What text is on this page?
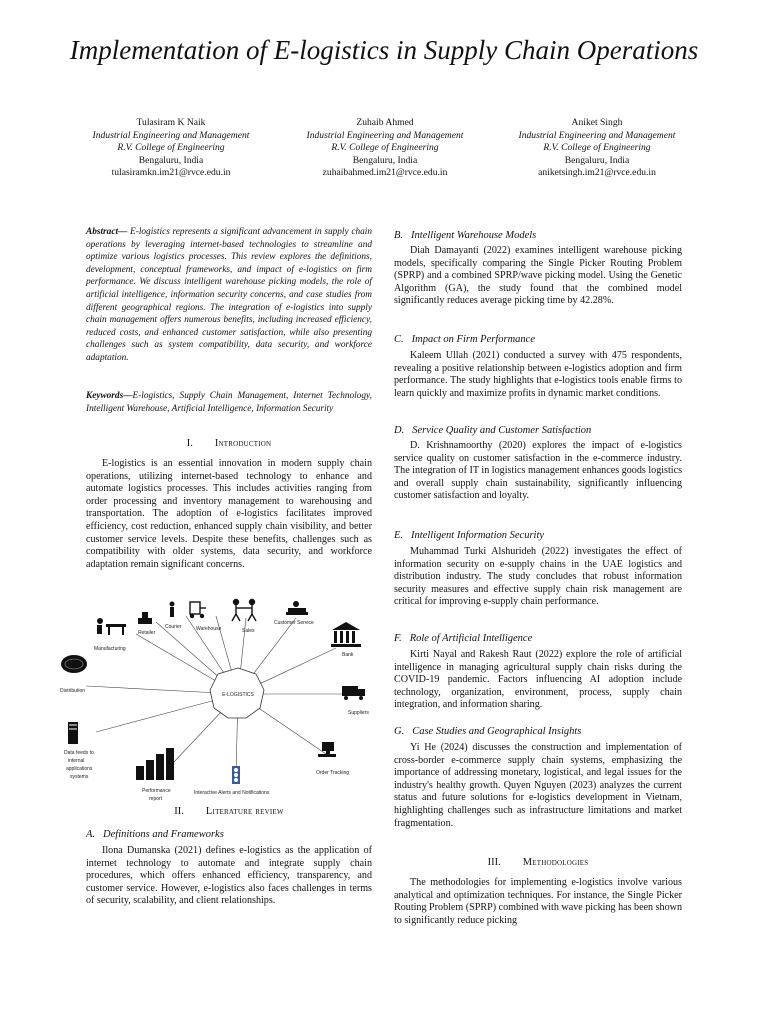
Implementation of E-logistics in Supply Chain Operations
Tulasiram K Naik
Industrial Engineering and Management
R.V. College of Engineering
Bengaluru, India
tulasiramkn.im21@rvce.edu.in
Zuhaib Ahmed
Industrial Engineering and Management
R.V. College of Engineering
Bengaluru, India
zuhaibahmed.im21@rvce.edu.in
Aniket Singh
Industrial Engineering and Management
R.V. College of Engineering
Bengaluru, India
aniketsingh.im21@rvce.edu.in
Abstract— E-logistics represents a significant advancement in supply chain operations by leveraging internet-based technologies to streamline and optimize various logistics processes. This review explores the definitions, development, conceptual frameworks, and impact of e-logistics on firm performance. We discuss intelligent warehouse picking models, the role of artificial intelligence, information security concerns, and case studies from different geographical regions. The integration of e-logistics into supply chain management offers numerous benefits, including increased efficiency, reduced costs, and enhanced customer satisfaction, while also presenting challenges such as system compatibility, data security, and workforce adaptation.
Keywords—E-logistics, Supply Chain Management, Internet Technology, Intelligent Warehouse, Artificial Intelligence, Information Security
I. Introduction
E-logistics is an essential innovation in modern supply chain operations, utilizing internet-based technology to enhance and automate logistics processes. This includes activities ranging from order processing and inventory management to warehousing and transportation. The adoption of e-logistics facilitates improved efficiency, cost reduction, enhanced supply chain visibility, and better customer service levels. Despite these benefits, challenges such as compatibility with older systems, data security, and workforce adaptation remain significant concerns.
E-LOGISTICS
Manufacturing
Retailer
Courier	Warehouse	Sales
Customer Service
Bank
Suppliers
Order Tracking
Interactive Alerts and Notifications
Performance
report
Data feeds to
internal
applications
systems
Distribution
II. Literature review
A. Definitions and Frameworks
Ilona Dumanska (2021) defines e-logistics as the application of internet technology to automate and integrate supply chain procedures, which offers enhanced efficiency, transparency, and customer service. However, e-logistics also faces challenges in terms of security, scalability, and client relationships.
B. Intelligent Warehouse Models
Diah Damayanti (2022) examines intelligent warehouse picking models, specifically comparing the Single Picker Routing Problem (SPRP) and a combined SPRP/wave picking model. Using the Genetic Algorithm (GA), the study found that the combined model significantly reduces average picking time by 42.28%.
C. Impact on Firm Performance
Kaleem Ullah (2021) conducted a survey with 475 respondents, revealing a positive relationship between e-logistics adoption and firm performance. The study highlights that e-logistics tools enable firms to learn quickly and maximize profits in dynamic market conditions.
D. Service Quality and Customer Satisfaction
D. Krishnamoorthy (2020) explores the impact of e-logistics service quality on customer satisfaction in the e-commerce industry. The integration of IT in logistics management enhances goods logistics and overall supply chain sustainability, significantly influencing customer satisfaction and loyalty.
E. Intelligent Information Security
Muhammad Turki Alshurideh (2022) investigates the effect of information security on e-supply chains in the UAE logistics and distribution industry. The study concludes that robust information security measures and effective supply chain risk management are critical for improving e-supply chain performance.
F. Role of Artificial Intelligence
Kirti Nayal and Rakesh Raut (2022) explore the role of artificial intelligence in managing agricultural supply chain risks during the COVID-19 pandemic. Factors influencing AI adoption include technology, organization, environment, process, supply chain integration, and information sharing.
G. Case Studies and Geographical Insights
Yi He (2024) discusses the construction and implementation of cross-border e-commerce supply chain systems, emphasizing the importance of addressing monetary, logistical, and legal issues for the industry's healthy growth. Quyen Nguyen (2023) analyzes the current status and future solutions for e-logistics development in Vietnam, highlighting challenges such as infrastructure limitations and market fragmentation.
III. Methodologies
The methodologies for implementing e-logistics involve various analytical and optimization techniques. For instance, the Single Picker Routing Problem (SPRP) combined with wave picking has been shown to significantly reduce picking
